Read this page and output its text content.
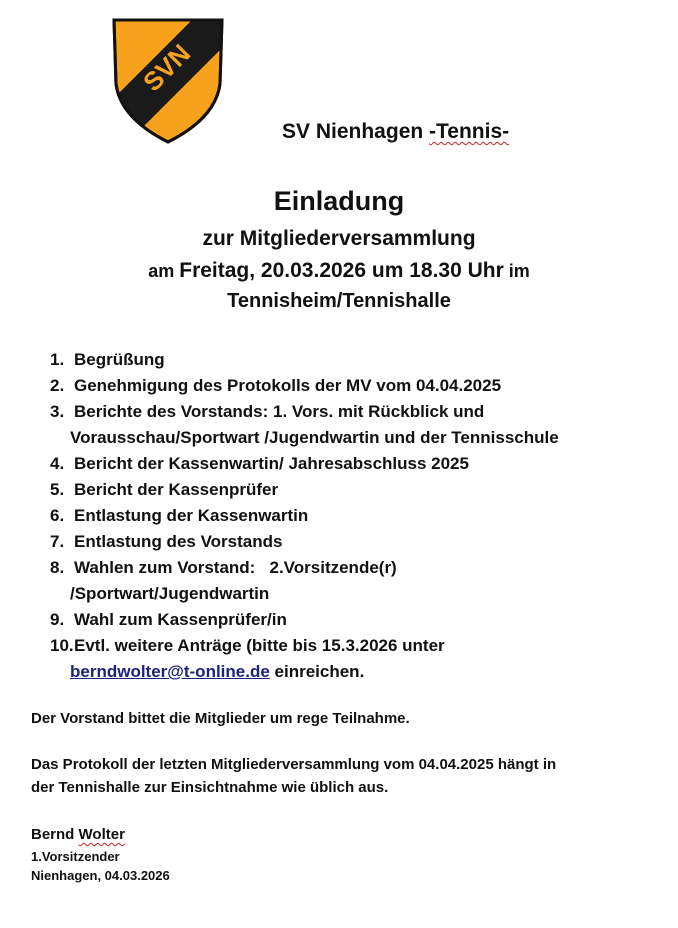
SVN
SV Nienhagen -Tennis-
Einladung
zur Mitgliederversammlung
am Freitag, 20.03.2026 um 18.30 Uhr im
Tennisheim/Tennishalle
1. Begrüßung
2. Genehmigung des Protokolls der MV vom 04.04.2025
3. Berichte des Vorstands: 1. Vors. mit Rückblick und
Vorausschau/Sportwart /Jugendwartin und der Tennisschule
4. Bericht der Kassenwartin/ Jahresabschluss 2025
5. Bericht der Kassenprüfer
6. Entlastung der Kassenwartin
7. Entlastung des Vorstands
8. Wahlen zum Vorstand:   2.Vorsitzende(r)
/Sportwart/Jugendwartin
9. Wahl zum Kassenprüfer/in
10. Evtl. weitere Anträge (bitte bis 15.3.2026 unter
berndwolter@t-online.de einreichen.
Der Vorstand bittet die Mitglieder um rege Teilnahme.
Das Protokoll der letzten Mitgliederversammlung vom 04.04.2025 hängt in
der Tennishalle zur Einsichtnahme wie üblich aus.
Bernd Wolter
1.Vorsitzender
Nienhagen, 04.03.2026
